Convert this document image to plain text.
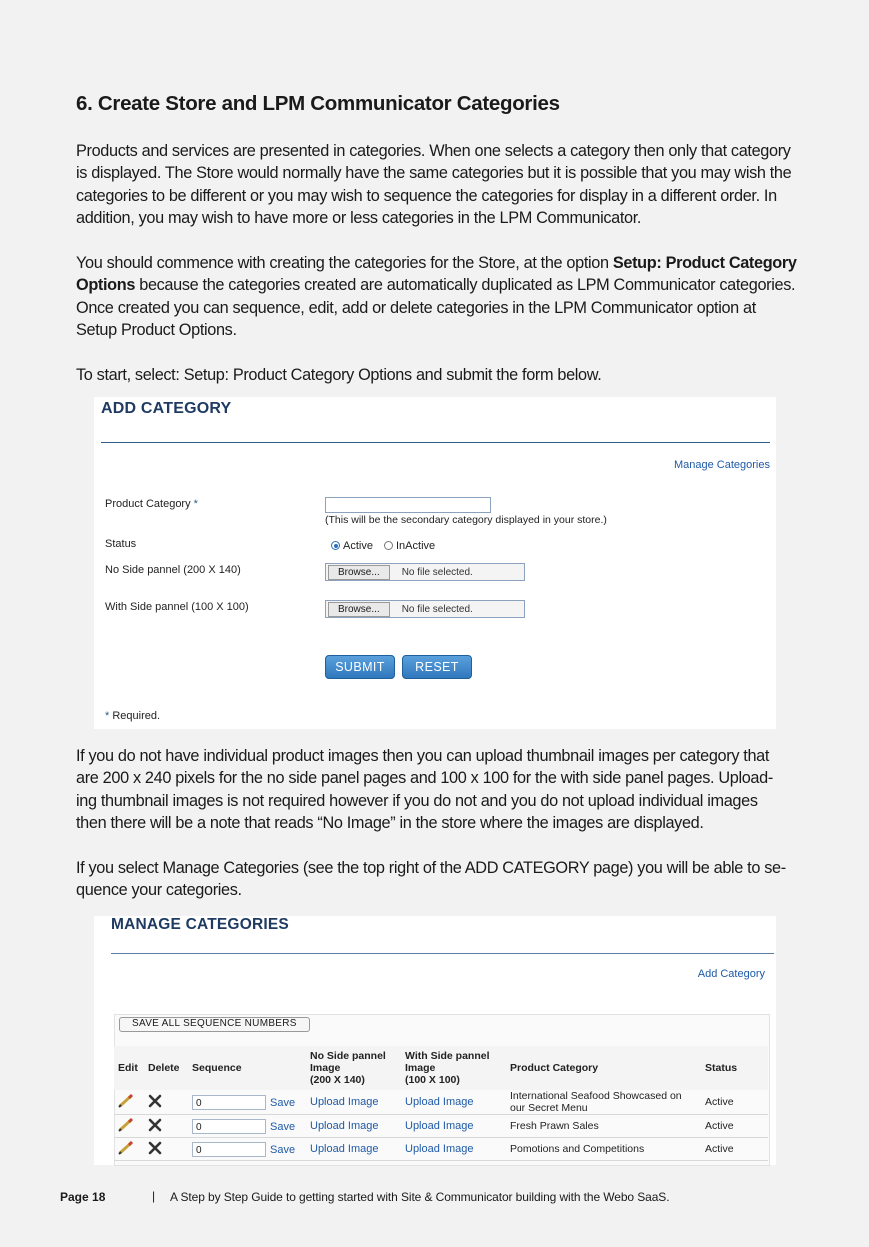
6. Create Store and LPM Communicator Categories

Products and services are presented in categories. When one selects a category then only that category is displayed. The Store would normally have the same categories but it is possible that you may wish the categories to be different or you may wish to sequence the categories for display in a different order. In addition, you may wish to have more or less categories in the LPM Communicator.

You should commence with creating the categories for the Store, at the option Setup: Product Category Options because the categories created are automatically duplicated as LPM Communicator categories. Once created you can sequence, edit, add or delete categories in the LPM Communicator option at Setup Product Options.

To start, select: Setup: Product Category Options and submit the form below.

ADD CATEGORY
Manage Categories
Product Category *
(This will be the secondary category displayed in your store.)
Status	Active	InActive
No Side pannel (200 X 140)	Browse...	No file selected.
With Side pannel (100 X 100)	Browse...	No file selected.
SUBMIT	RESET
* Required.

If you do not have individual product images then you can upload thumbnail images per category that are 200 x 240 pixels for the no side panel pages and 100 x 100 for the with side panel pages. Upload-ing thumbnail images is not required however if you do not and you do not upload individual images then there will be a note that reads “No Image” in the store where the images are displayed.

If you select Manage Categories (see the top right of the ADD CATEGORY page) you will be able to se-quence your categories.

MANAGE CATEGORIES
Add Category
SAVE ALL SEQUENCE NUMBERS
Edit	Delete	Sequence	No Side pannel
Image
(200 X 140)	With Side pannel
Image
(100 X 100)	Product Category	Status
		0 Save	Upload Image	Upload Image	International Seafood Showcased on our Secret Menu	Active
		0 Save	Upload Image	Upload Image	Fresh Prawn Sales	Active
		0 Save	Upload Image	Upload Image	Pomotions and Competitions	Active
Page 18	| A Step by Step Guide to getting started with Site & Communicator building with the Webo SaaS.
